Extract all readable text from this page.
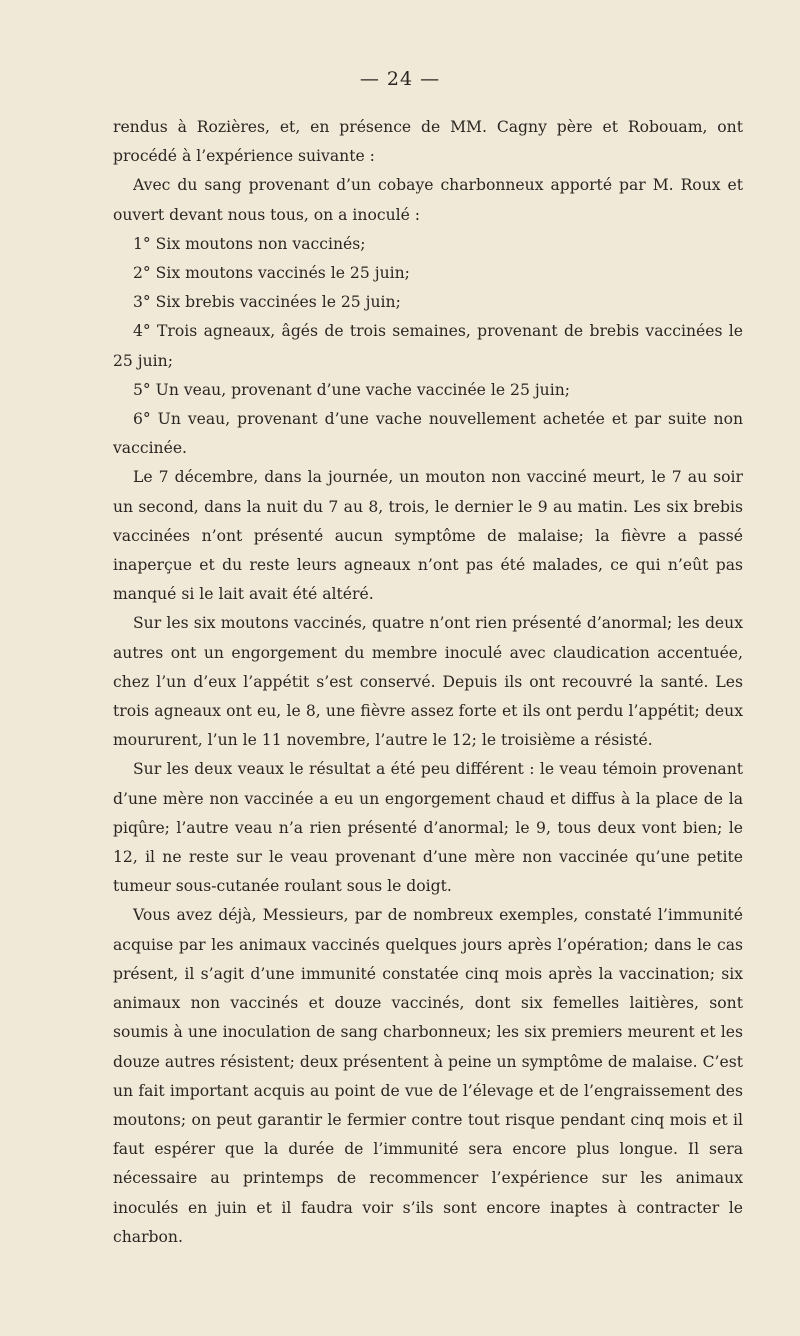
— 24 —

rendus à Rozières, et, en présence de MM. Cagny père et Robouam, ont procédé à l’expérience suivante :

Avec du sang provenant d’un cobaye charbonneux apporté par M. Roux et ouvert devant nous tous, on a inoculé :

1° Six moutons non vaccinés;

2° Six moutons vaccinés le 25 juin;

3° Six brebis vaccinées le 25 juin;

4° Trois agneaux, âgés de trois semaines, provenant de brebis vaccinées le 25 juin;

5° Un veau, provenant d’une vache vaccinée le 25 juin;

6° Un veau, provenant d’une vache nouvellement achetée et par suite non vaccinée.

Le 7 décembre, dans la journée, un mouton non vacciné meurt, le 7 au soir un second, dans la nuit du 7 au 8, trois, le dernier le 9 au matin. Les six brebis vaccinées n’ont présenté aucun symptôme de malaise; la fièvre a passé inaperçue et du reste leurs agneaux n’ont pas été malades, ce qui n’eût pas manqué si le lait avait été altéré.

Sur les six moutons vaccinés, quatre n’ont rien présenté d’anormal; les deux autres ont un engorgement du membre inoculé avec claudication accentuée, chez l’un d’eux l’appétit s’est conservé. Depuis ils ont recouvré la santé. Les trois agneaux ont eu, le 8, une fièvre assez forte et ils ont perdu l’appétit; deux moururent, l’un le 11 novembre, l’autre le 12; le troisième a résisté.

Sur les deux veaux le résultat a été peu différent : le veau témoin provenant d’une mère non vaccinée a eu un engorgement chaud et diffus à la place de la piqûre; l’autre veau n’a rien présenté d’anormal; le 9, tous deux vont bien; le 12, il ne reste sur le veau provenant d’une mère non vaccinée qu’une petite tumeur sous-cutanée roulant sous le doigt.

Vous avez déjà, Messieurs, par de nombreux exemples, constaté l’immunité acquise par les animaux vaccinés quelques jours après l’opération; dans le cas présent, il s’agit d’une immunité constatée cinq mois après la vaccination; six animaux non vaccinés et douze vaccinés, dont six femelles laitières, sont soumis à une inoculation de sang charbonneux; les six premiers meurent et les douze autres résistent; deux présentent à peine un symptôme de malaise. C’est un fait important acquis au point de vue de l’élevage et de l’engraissement des moutons; on peut garantir le fermier contre tout risque pendant cinq mois et il faut espérer que la durée de l’immunité sera encore plus longue. Il sera nécessaire au printemps de recommencer l’expérience sur les animaux inoculés en juin et il faudra voir s’ils sont encore inaptes à contracter le charbon.
